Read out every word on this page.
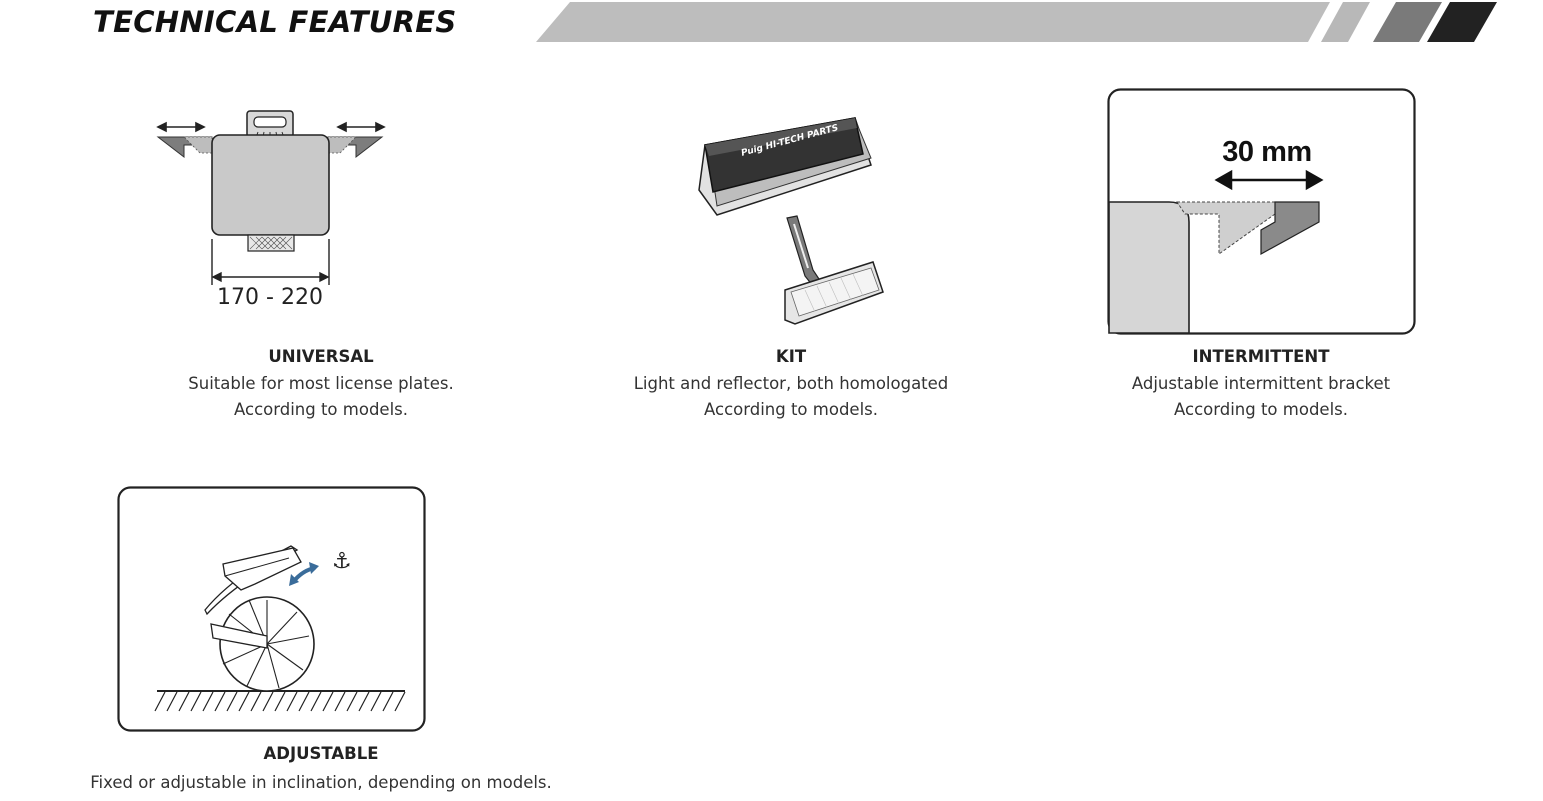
TECHNICAL FEATURES
170 - 220
UNIVERSAL
Suitable for most license plates.
According to models.
Puig HI-TECH PARTS
KIT
Light and reflector, both homologated
According to models.
30 mm
INTERMITTENT
Adjustable intermittent bracket
According to models.
⚓
ADJUSTABLE
Fixed or adjustable in inclination, depending on models.
